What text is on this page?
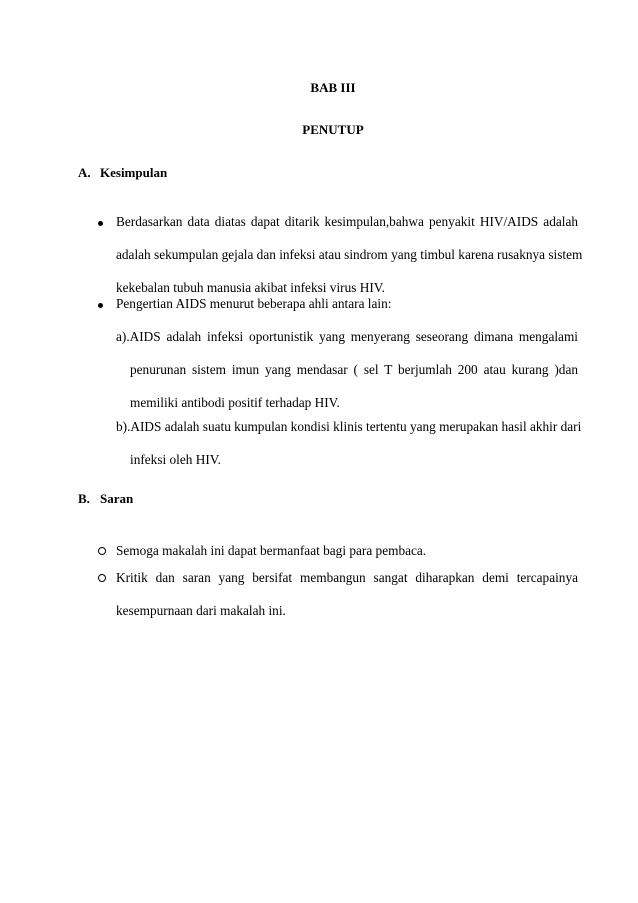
BAB III
PENUTUP
A. Kesimpulan
Berdasarkan data diatas dapat ditarik kesimpulan,bahwa penyakit HIV/AIDS adalah
adalah sekumpulan gejala dan infeksi atau sindrom yang timbul karena rusaknya sistem
kekebalan tubuh manusia akibat infeksi virus HIV.
Pengertian AIDS menurut beberapa ahli antara lain:
a).AIDS adalah infeksi oportunistik yang menyerang seseorang dimana mengalami
penurunan sistem imun yang mendasar ( sel T berjumlah 200 atau kurang )dan
memiliki antibodi positif terhadap HIV.
b).AIDS adalah suatu kumpulan kondisi klinis tertentu yang merupakan hasil akhir dari
infeksi oleh HIV.
B. Saran
Semoga makalah ini dapat bermanfaat bagi para pembaca.
Kritik dan saran yang bersifat membangun sangat diharapkan demi tercapainya
kesempurnaan dari makalah ini.
